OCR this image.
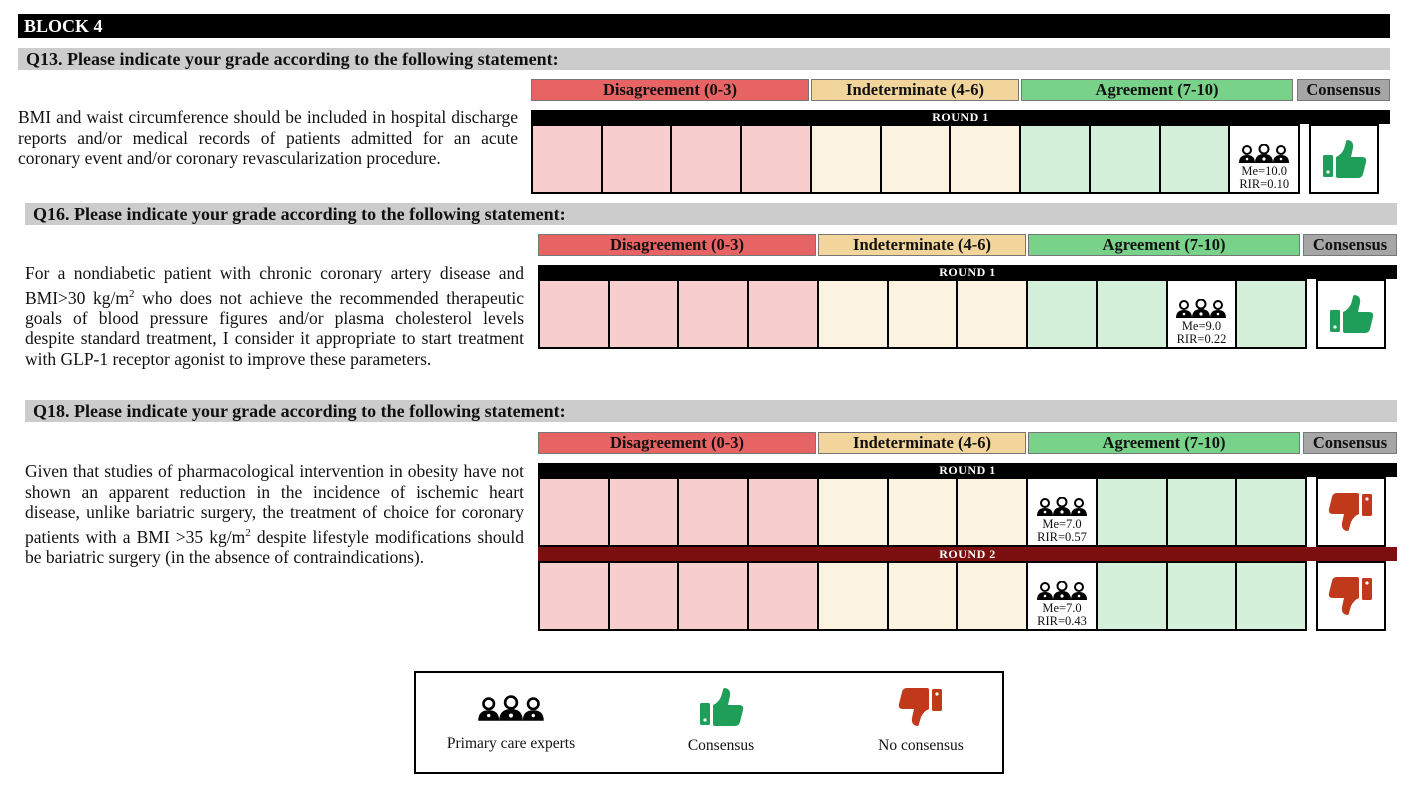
BLOCK 4
Q13. Please indicate your grade according to the following statement:
BMI and waist circumference should be included in hospital discharge reports and/or medical records of patients admitted for an acute coronary event and/or coronary revascularization procedure.
Disagreement (0-3)	Indeterminate (4-6)	Agreement (7-10)	Consensus
ROUND 1
Me=10.0
RIR=0.10
Q16. Please indicate your grade according to the following statement:
For a nondiabetic patient with chronic coronary artery disease and BMI>30 $kg/m^2$ who does not achieve the recommended therapeutic goals of blood pressure figures and/or plasma cholesterol levels despite standard treatment, I consider it appropriate to start treatment with GLP-1 receptor agonist to improve these parameters.
Disagreement (0-3)	Indeterminate (4-6)	Agreement (7-10)	Consensus
ROUND 1
Me=9.0
RIR=0.22
Q18. Please indicate your grade according to the following statement:
Given that studies of pharmacological intervention in obesity have not shown an apparent reduction in the incidence of ischemic heart disease, unlike bariatric surgery, the treatment of choice for coronary patients with a BMI >35 $kg/m^2$ despite lifestyle modifications should be bariatric surgery (in the absence of contraindications).
Disagreement (0-3)	Indeterminate (4-6)	Agreement (7-10)	Consensus
ROUND 1
Me=7.0
RIR=0.57
ROUND 2
Me=7.0
RIR=0.43
Primary care experts	Consensus	No consensus
